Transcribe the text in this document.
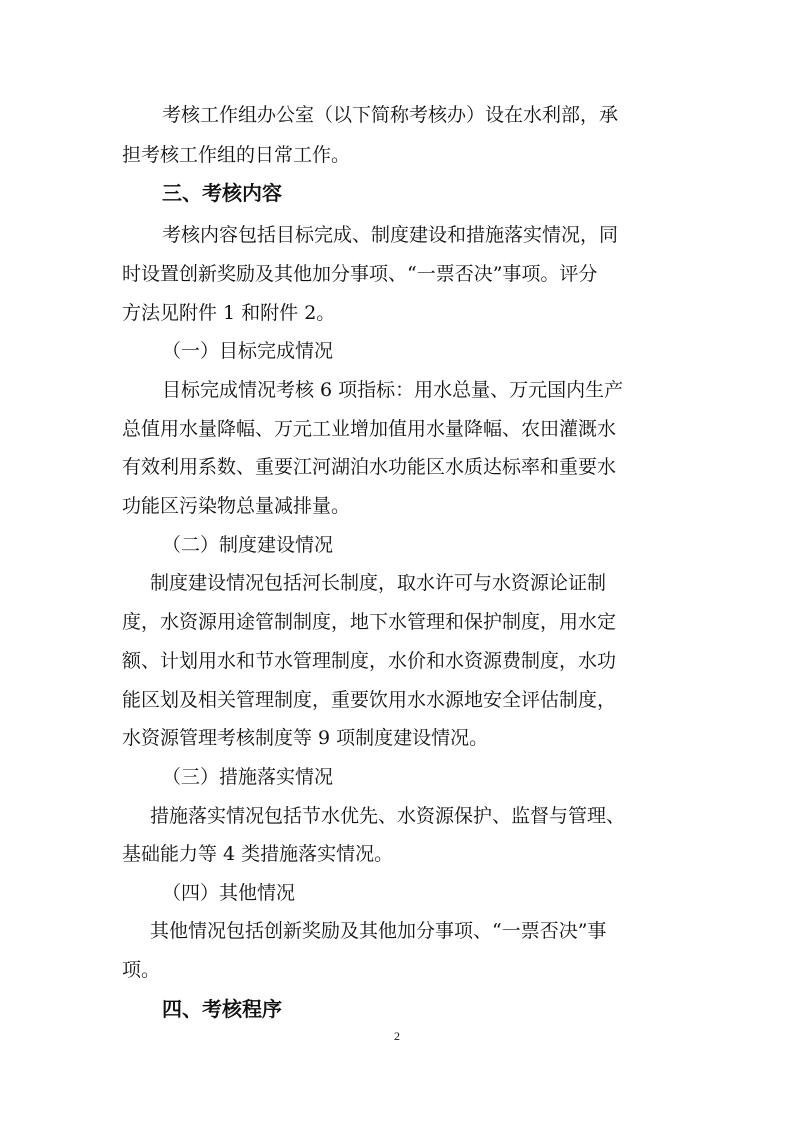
考核工作组办公室（以下简称考核办）设在水利部，承
担考核工作组的日常工作。
三、考核内容
考核内容包括目标完成、制度建设和措施落实情况，同
时设置创新奖励及其他加分事项、“一票否决”事项。评分
方法见附件 1 和附件 2。
（一）目标完成情况
目标完成情况考核 6 项指标：用水总量、万元国内生产
总值用水量降幅、万元工业增加值用水量降幅、农田灌溉水
有效利用系数、重要江河湖泊水功能区水质达标率和重要水
功能区污染物总量减排量。
（二）制度建设情况
制度建设情况包括河长制度，取水许可与水资源论证制
度，水资源用途管制制度，地下水管理和保护制度，用水定
额、计划用水和节水管理制度，水价和水资源费制度，水功
能区划及相关管理制度，重要饮用水水源地安全评估制度，
水资源管理考核制度等 9 项制度建设情况。
（三）措施落实情况
措施落实情况包括节水优先、水资源保护、监督与管理、
基础能力等 4 类措施落实情况。
（四）其他情况
其他情况包括创新奖励及其他加分事项、“一票否决”事
项。
四、考核程序
2
